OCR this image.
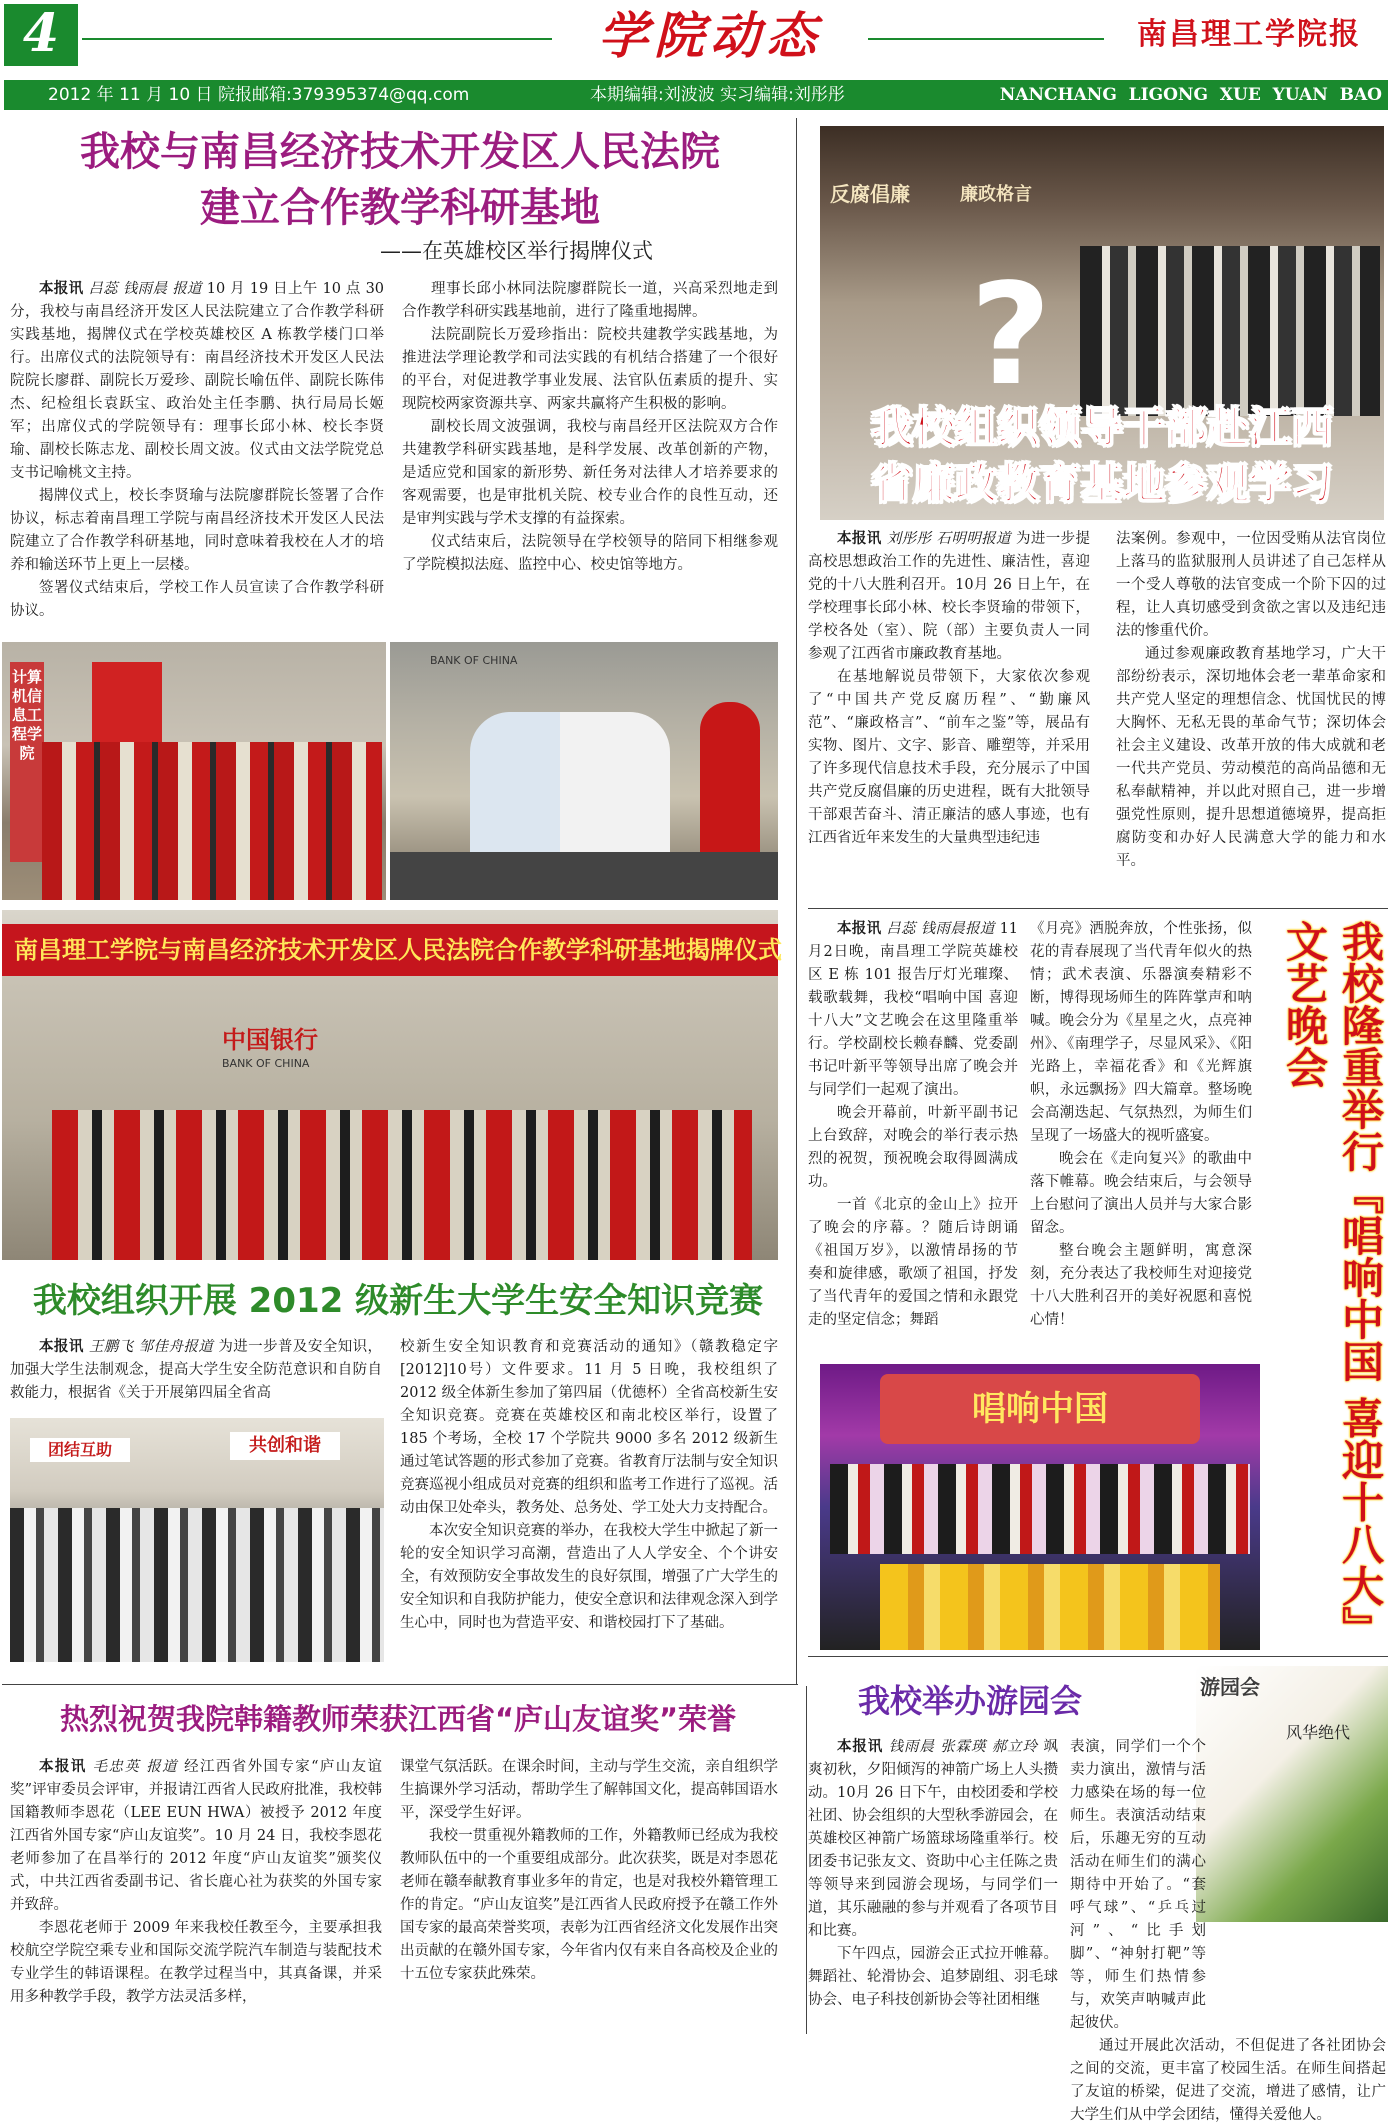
4	学院动态	南昌理工学院报
2012 年 11 月 10 日 院报邮箱:379395374@qq.com	本期编辑:刘波波 实习编辑:刘彤彤	NANCHANG  LIGONG  XUE  YUAN  BAO
我校与南昌经济技术开发区人民法院
建立合作教学科研基地
——在英雄校区举行揭牌仪式

本报讯 吕蕊 钱雨晨 报道 10 月 19 日上午 10 点 30 分，我校与南昌经济开发区人民法院建立了合作教学科研实践基地，揭牌仪式在学校英雄校区 A 栋教学楼门口举行。出席仪式的法院领导有：南昌经济技术开发区人民法院院长廖群、副院长万爱珍、副院长喻伍伴、副院长陈伟杰、纪检组长袁跃宝、政治处主任李鹏、执行局局长姬军；出席仪式的学院领导有：理事长邱小林、校长李贤瑜、副校长陈志龙、副校长周文波。仪式由文法学院党总支书记喻桃文主持。

揭牌仪式上，校长李贤瑜与法院廖群院长签署了合作协议，标志着南昌理工学院与南昌经济技术开发区人民法院建立了合作教学科研基地，同时意味着我校在人才的培养和输送环节上更上一层楼。

签署仪式结束后，学校工作人员宣读了合作教学科研协议。

理事长邱小林同法院廖群院长一道，兴高采烈地走到合作教学科研实践基地前，进行了隆重地揭牌。

法院副院长万爱珍指出：院校共建教学实践基地，为推进法学理论教学和司法实践的有机结合搭建了一个很好的平台，对促进教学事业发展、法官队伍素质的提升、实现院校两家资源共享、两家共赢将产生积极的影响。

副校长周文波强调，我校与南昌经开区法院双方合作共建教学科研实践基地，是科学发展、改革创新的产物，是适应党和国家的新形势、新任务对法律人才培养要求的客观需要，也是审批机关院、校专业合作的良性互动，还是审判实践与学术支撑的有益探索。

仪式结束后，法院领导在学校领导的陪同下相继参观了学院模拟法庭、监控中心、校史馆等地方。

计算机信息工程学院
BANK OF CHINA
南昌理工学院与南昌经济技术开发区人民法院合作教学科研基地揭牌仪式
中国银行
BANK OF CHINA
反腐倡廉	廉政格言
?
我校组织领导干部赴江西
省廉政教育基地参观学习

本报讯 刘彤彤 石明明报道 为进一步提高校思想政治工作的先进性、廉洁性，喜迎党的十八大胜利召开。10月 26 日上午，在学校理事长邱小林、校长李贤瑜的带领下，学校各处（室）、院（部）主要负责人一同参观了江西省市廉政教育基地。

在基地解说员带领下，大家依次参观了“中国共产党反腐历程”、“勤廉风范”、“廉政格言”、“前车之鉴”等，展品有实物、图片、文字、影音、雕塑等，并采用了许多现代信息技术手段，充分展示了中国共产党反腐倡廉的历史进程，既有大批领导干部艰苦奋斗、清正廉洁的感人事迹，也有江西省近年来发生的大量典型违纪违

法案例。参观中，一位因受贿从法官岗位上落马的监狱服刑人员讲述了自己怎样从一个受人尊敬的法官变成一个阶下囚的过程，让人真切感受到贪欲之害以及违纪违法的惨重代价。

通过参观廉政教育基地学习，广大干部纷纷表示，深切地体会老一辈革命家和共产党人坚定的理想信念、忧国忧民的博大胸怀、无私无畏的革命气节；深切体会社会主义建设、改革开放的伟大成就和老一代共产党员、劳动模范的高尚品德和无私奉献精神，并以此对照自己，进一步增强党性原则，提升思想道德境界，提高拒腐防变和办好人民满意大学的能力和水平。

本报讯 吕蕊 钱雨晨报道 11月2日晚，南昌理工学院英雄校区 E 栋 101 报告厅灯光璀璨、载歌载舞，我校“唱响中国 喜迎十八大”文艺晚会在这里隆重举行。学校副校长赖春麟、党委副书记叶新平等领导出席了晚会并与同学们一起观了演出。

晚会开幕前，叶新平副书记上台致辞，对晚会的举行表示热烈的祝贺，预祝晚会取得圆满成功。

一首《北京的金山上》拉开了晚会的序幕。？随后诗朗诵《祖国万岁》，以激情昂扬的节奏和旋律感，歌颂了祖国，抒发了当代青年的爱国之情和永跟党走的坚定信念；舞蹈

《月亮》洒脱奔放，个性张扬，似花的青春展现了当代青年似火的热情；武术表演、乐器演奏精彩不断，博得现场师生的阵阵掌声和呐喊。晚会分为《星星之火，点亮神州》、《南理学子，尽显风采》、《阳光路上，幸福花香》和《光辉旗帜，永远飘扬》四大篇章。整场晚会高潮迭起、气氛热烈，为师生们呈现了一场盛大的视听盛宴。

晚会在《走向复兴》的歌曲中落下帷幕。晚会结束后，与会领导上台慰问了演出人员并与大家合影留念。

整台晚会主题鲜明，寓意深刻，充分表达了我校师生对迎接党十八大胜利召开的美好祝愿和喜悦心情！	我校隆重举行『唱响中国 喜迎十八大』文艺晚会
唱响中国
我校组织开展 2012 级新生大学生安全知识竞赛

本报讯 王鹏飞 邹佳舟报道 为进一步普及安全知识，加强大学生法制观念，提高大学生安全防范意识和自防自救能力，根据省《关于开展第四届全省高

团结互助	共创和谐

校新生安全知识教育和竞赛活动的通知》（赣教稳定字[2012]10号）文件要求。11 月 5 日晚，我校组织了 2012 级全体新生参加了第四届（优德杯）全省高校新生安全知识竞赛。竞赛在英雄校区和南北校区举行，设置了 185 个考场，全校 17 个学院共 9000 多名 2012 级新生通过笔试答题的形式参加了竞赛。省教育厅法制与安全知识竞赛巡视小组成员对竞赛的组织和监考工作进行了巡视。活动由保卫处牵头，教务处、总务处、学工处大力支持配合。

本次安全知识竞赛的举办，在我校大学生中掀起了新一轮的安全知识学习高潮，营造出了人人学安全、个个讲安全，有效预防安全事故发生的良好氛围，增强了广大学生的安全知识和自我防护能力，使安全意识和法律观念深入到学生心中，同时也为营造平安、和谐校园打下了基础。

热烈祝贺我院韩籍教师荣获江西省“庐山友谊奖”荣誉

本报讯 毛忠英 报道 经江西省外国专家“庐山友谊奖”评审委员会评审，并报请江西省人民政府批准，我校韩国籍教师李恩花（LEE EUN HWA）被授予 2012 年度江西省外国专家“庐山友谊奖”。10 月 24 日，我校李恩花老师参加了在昌举行的 2012 年度“庐山友谊奖”颁奖仪式，中共江西省委副书记、省长鹿心社为获奖的外国专家并致辞。

李恩花老师于 2009 年来我校任教至今，主要承担我校航空学院空乘专业和国际交流学院汽车制造与装配技术专业学生的韩语课程。在教学过程当中，其真备课，并采用多种教学手段，教学方法灵活多样，

课堂气氛活跃。在课余时间，主动与学生交流，亲自组织学生搞课外学习活动，帮助学生了解韩国文化，提高韩国语水平，深受学生好评。

我校一贯重视外籍教师的工作，外籍教师已经成为我校教师队伍中的一个重要组成部分。此次获奖，既是对李恩花老师在赣奉献教育事业多年的肯定，也是对我校外籍管理工作的肯定。“庐山友谊奖”是江西省人民政府授予在赣工作外国专家的最高荣誉奖项，表彰为江西省经济文化发展作出突出贡献的在赣外国专家，今年省内仅有来自各高校及企业的十五位专家获此殊荣。

我校举办游园会	游园会
风华绝代

本报讯 钱雨晨 张霖瑛 郝立玲 飒爽初秋，夕阳倾泻的神箭广场上人头攒动。10月 26 日下午，由校团委和学校社团、协会组织的大型秋季游园会，在英雄校区神箭广场篮球场隆重举行。校团委书记张友文、资助中心主任陈之贵等领导来到园游会现场，与同学们一道，其乐融融的参与并观看了各项节目和比赛。

下午四点，园游会正式拉开帷幕。舞蹈社、轮滑协会、追梦剧组、羽毛球协会、电子科技创新协会等社团相继

表演，同学们一个个卖力演出，激情与活力感染在场的每一位师生。表演活动结束后，乐趣无穷的互动活动在师生们的满心期待中开始了。“套呼气球”、“乒乓过河”、“比手划脚”、“神射打靶”等等，师生们热情参与，欢笑声呐喊声此起彼伏。

通过开展此次活动，不但促进了各社团协会之间的交流，更丰富了校园生活。在师生间搭起了友谊的桥梁，促进了交流，增进了感情，让广大学生们从中学会团结，懂得关爱他人。
